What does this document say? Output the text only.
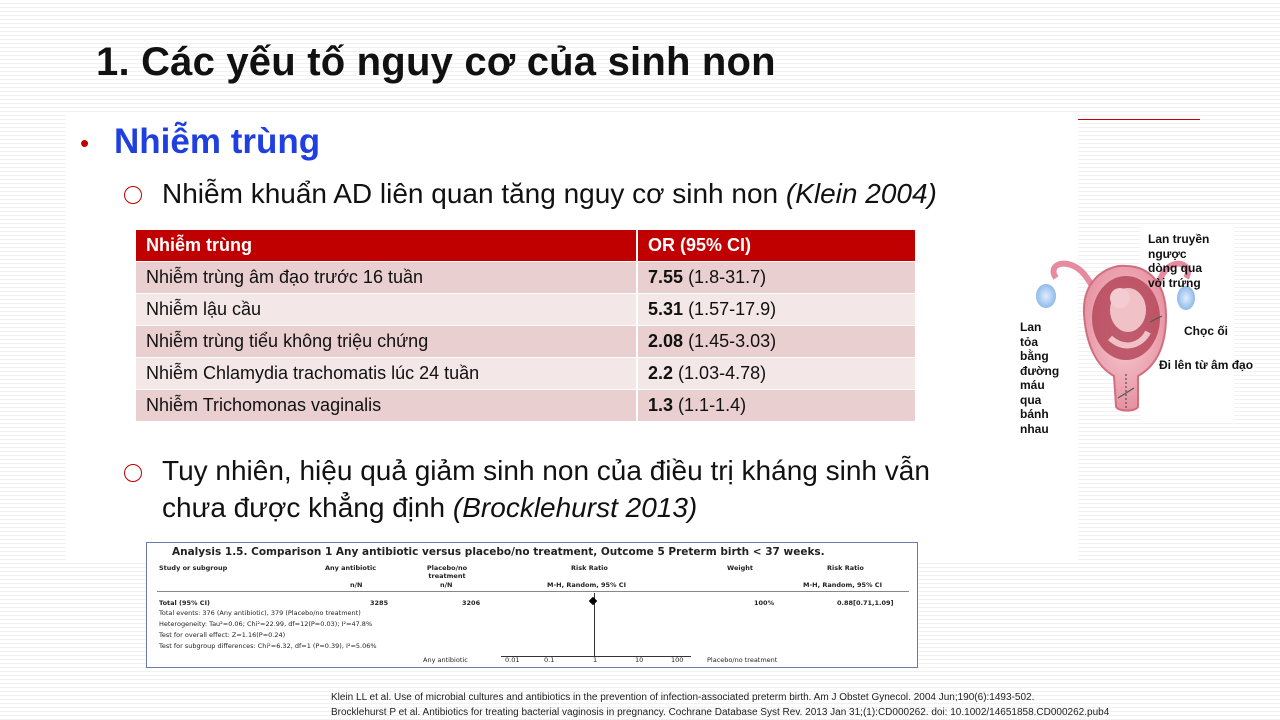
1. Các yếu tố nguy cơ của sinh non
• Nhiễm trùng
Nhiễm khuẩn AD liên quan tăng nguy cơ sinh non (Klein 2004)
Nhiễm trùng	OR (95% CI)
Nhiễm trùng âm đạo trước 16 tuần	7.55 (1.8-31.7)
Nhiễm lậu cầu	5.31 (1.57-17.9)
Nhiễm trùng tiểu không triệu chứng	2.08 (1.45-3.03)
Nhiễm Chlamydia trachomatis lúc 24 tuần	2.2 (1.03-4.78)
Nhiễm Trichomonas vaginalis	1.3 (1.1-1.4)
Tuy nhiên, hiệu quả giảm sinh non của điều trị kháng sinh vẫn
chưa được khẳng định (Brocklehurst 2013)
Analysis 1.5. Comparison 1 Any antibiotic versus placebo/no treatment, Outcome 5 Preterm birth < 37 weeks.
Study or subgroup	Any antibiotic	Placebo/no treatment
n/N	n/N
Risk Ratio
M-H, Random, 95% CI
Weight	Risk Ratio
M-H, Random, 95% CI
Total (95% CI)	3285	3206	100%	0.88[0.71,1.09]
Total events: 376 (Any antibiotic), 379 (Placebo/no treatment)
Heterogeneity: Tau²=0.06; Chi²=22.99, df=12(P=0.03); I²=47.8%
Test for overall effect: Z=1.16(P=0.24)
Test for subgroup differences: Chi²=6.32, df=1 (P=0.39), I²=5.06%
Any antibiotic	0.01	0.1	1	10	100	Placebo/no treatment
Lan truyền
ngược
dòng qua
vòi trứng
Chọc ối
Đi lên từ âm đạo
Lan
tỏa
bằng
đường
máu
qua
bánh
nhau
Klein LL et al. Use of microbial cultures and antibiotics in the prevention of infection-associated preterm birth. Am J Obstet Gynecol. 2004 Jun;190(6):1493-502.
Brocklehurst P et al. Antibiotics for treating bacterial vaginosis in pregnancy. Cochrane Database Syst Rev. 2013 Jan 31;(1):CD000262. doi: 10.1002/14651858.CD000262.pub4
